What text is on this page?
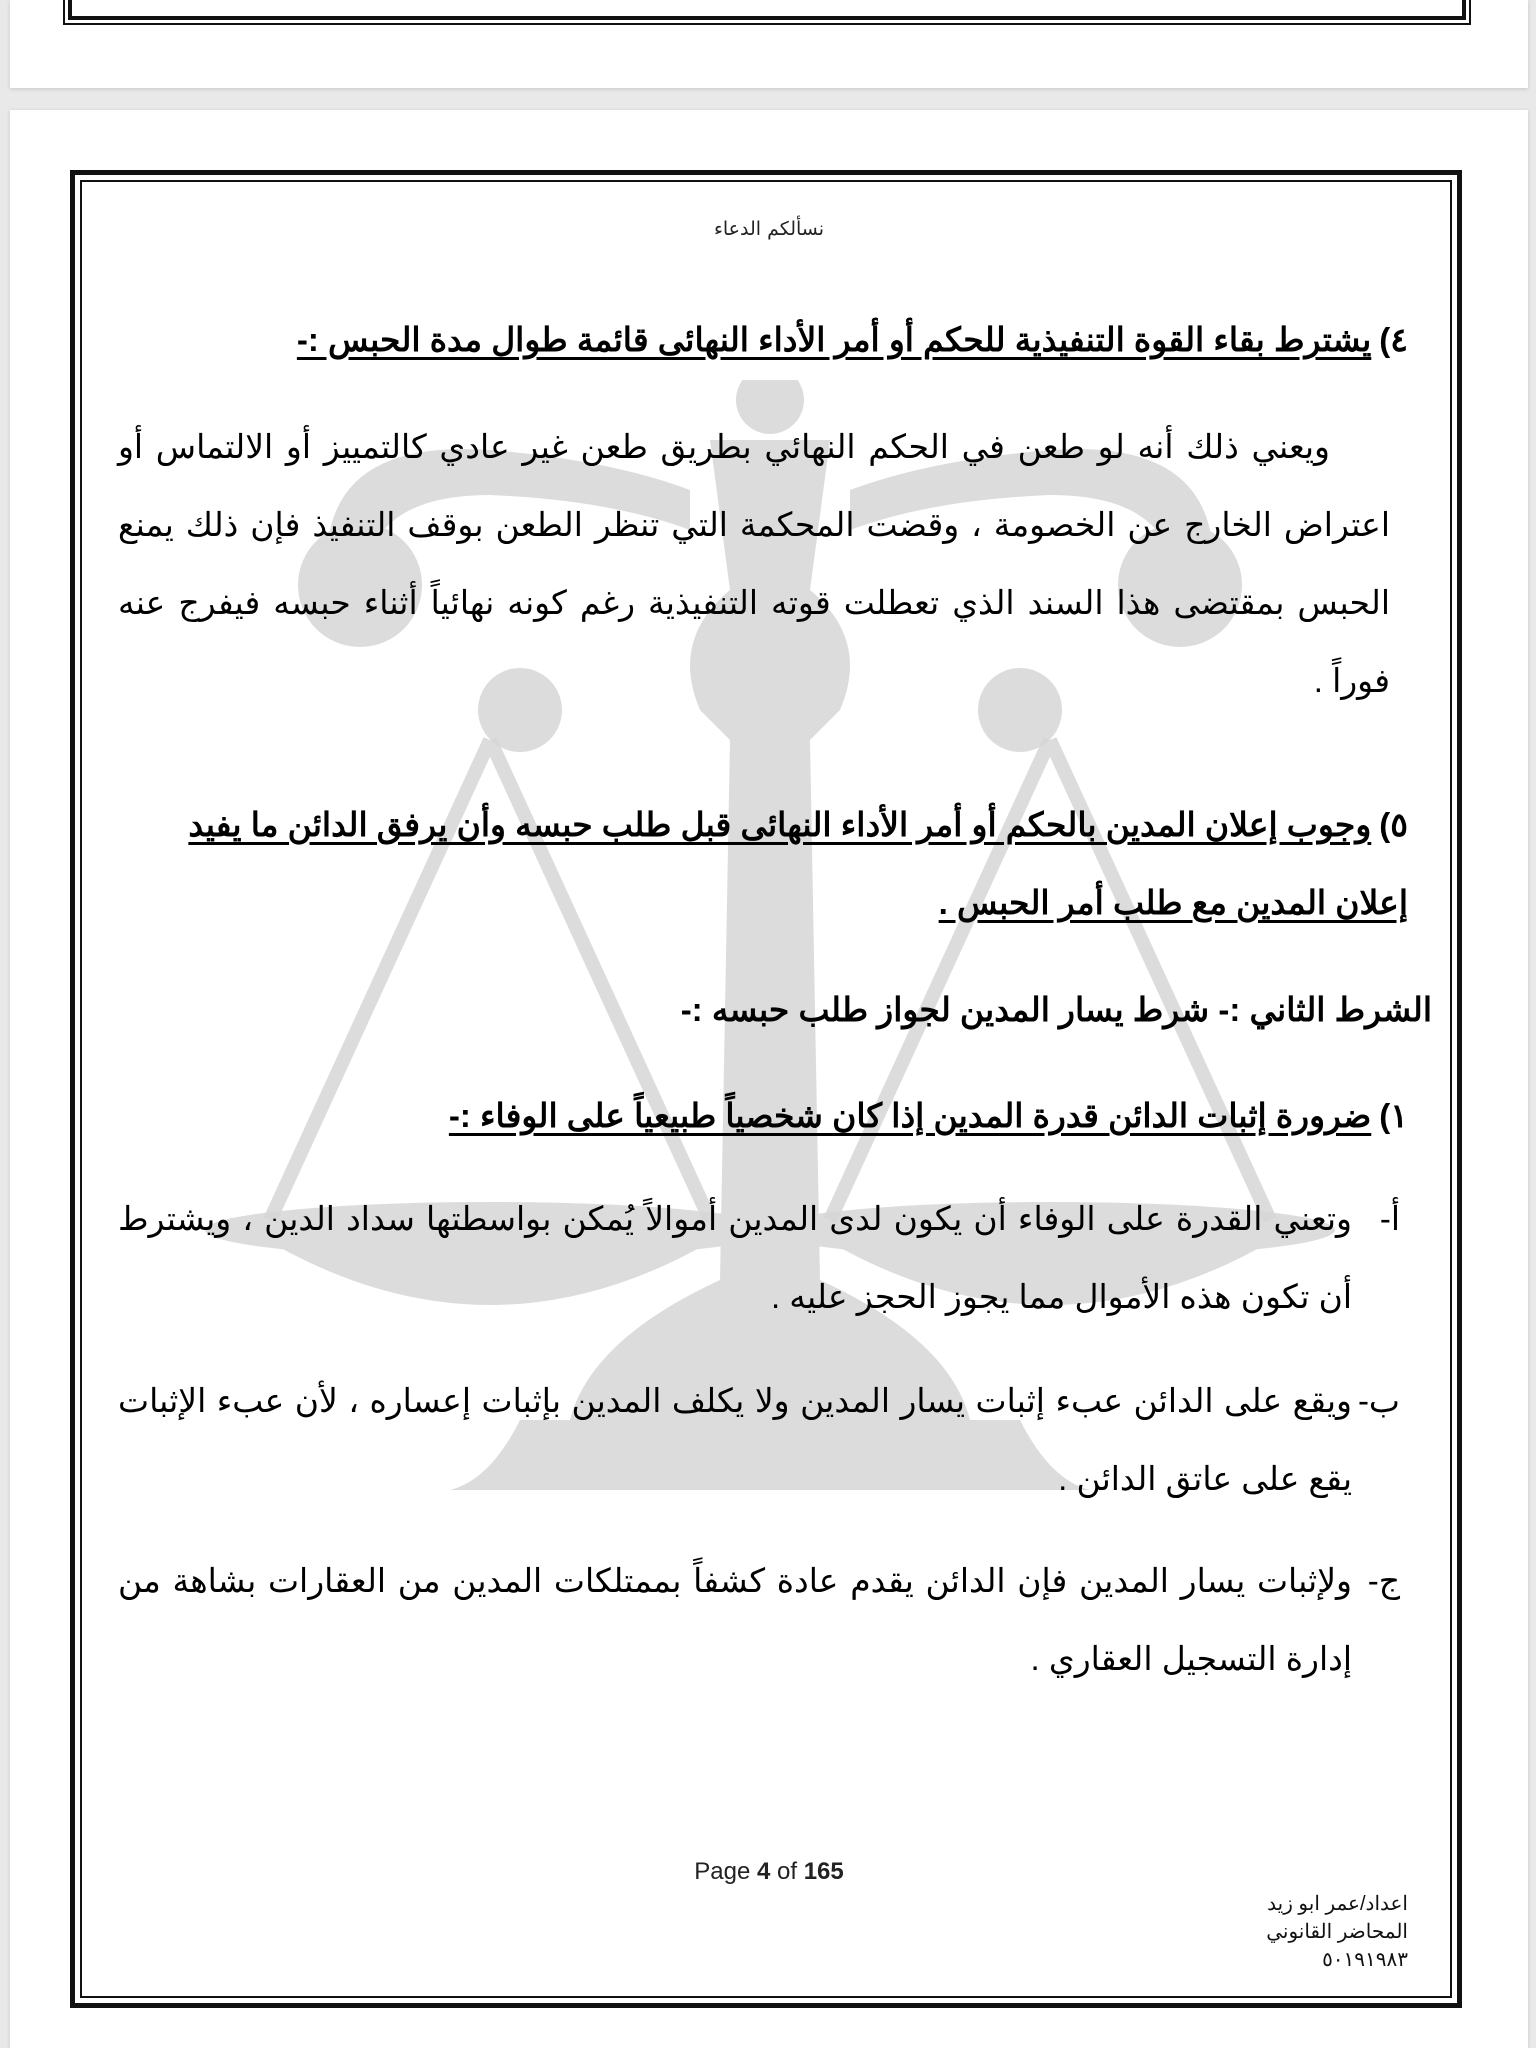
نسألكم الدعاء
٤)يشترط بقاء القوة التنفيذية للحكم أو أمر الأداء النهائى قائمة طوال مدة الحبس :-
ويعني ذلك أنه لو طعن في الحكم النهائي بطريق طعن غير عادي كالتمييز أو الالتماس أو اعتراض الخارج عن الخصومة ، وقضت المحكمة التي تنظر الطعن بوقف التنفيذ فإن ذلك يمنع الحبس بمقتضى هذا السند الذي تعطلت قوته التنفيذية رغم كونه نهائياً أثناء حبسه فيفرج عنه فوراً .
٥)وجوب إعلان المدين بالحكم أو أمر الأداء النهائى قبل طلب حبسه وأن يرفق الدائن ما يفيد إعلان المدين مع طلب أمر الحبس .
الشرط الثاني :- شرط يسار المدين لجواز طلب حبسه :-
١)ضرورة إثبات الدائن قدرة المدين إذا كان شخصياً طبيعياً على الوفاء :-
أ-
وتعني القدرة على الوفاء أن يكون لدى المدين أموالاً يُمكن بواسطتها سداد الدين ، ويشترط أن تكون هذه الأموال مما يجوز الحجز عليه .
ب-
ويقع على الدائن عبء إثبات يسار المدين ولا يكلف المدين بإثبات إعساره ، لأن عبء الإثبات يقع على عاتق الدائن .
ج-
ولإثبات يسار المدين فإن الدائن يقدم عادة كشفاً بممتلكات المدين من العقارات بشاهة من إدارة التسجيل العقاري .
Page 4 of 165
اعداد/عمر ابو زيد
المحاضر القانوني
٥٠١٩١٩٨٣
